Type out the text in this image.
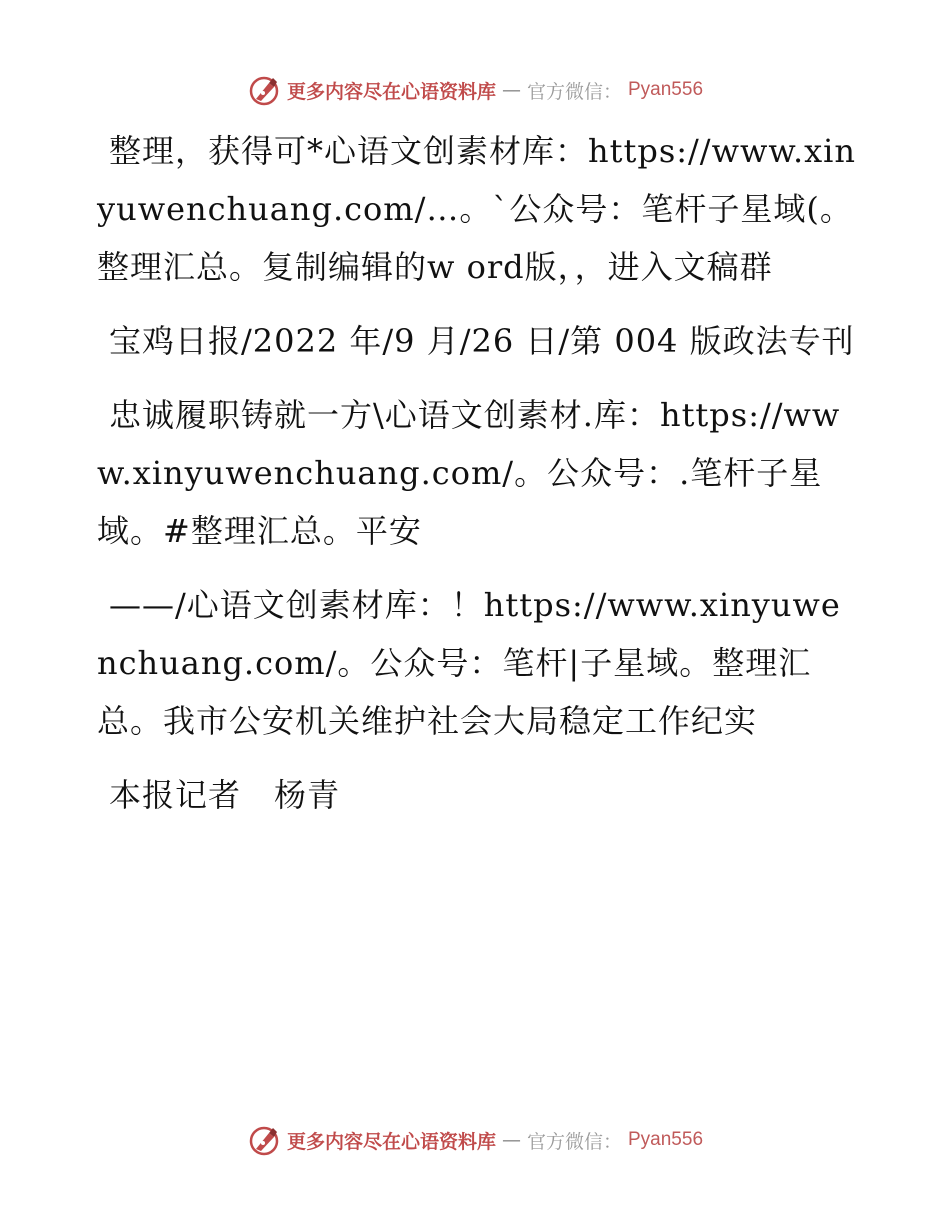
更多内容尽在心语资料库 — 官方微信： Pyan556

整理，获得可*心语文创素材库：https://www.xinyuwenchuang.com/…。`公众号：笔杆子星域(。整理汇总。复制编辑的w ord版，，进入文稿群

宝鸡日报/2022 年/9 月/26 日/第 004 版政法专刊

忠诚履职铸就一方\心语文创素材.库：https://www.xinyuwenchuang.com/。公众号：.笔杆子星域。#整理汇总。平安

——/心语文创素材库：！https://www.xinyuwenchuang.com/。公众号：笔杆|子星域。整理汇总。我市公安机关维护社会大局稳定工作纪实

本报记者　杨青

更多内容尽在心语资料库 — 官方微信： Pyan556
